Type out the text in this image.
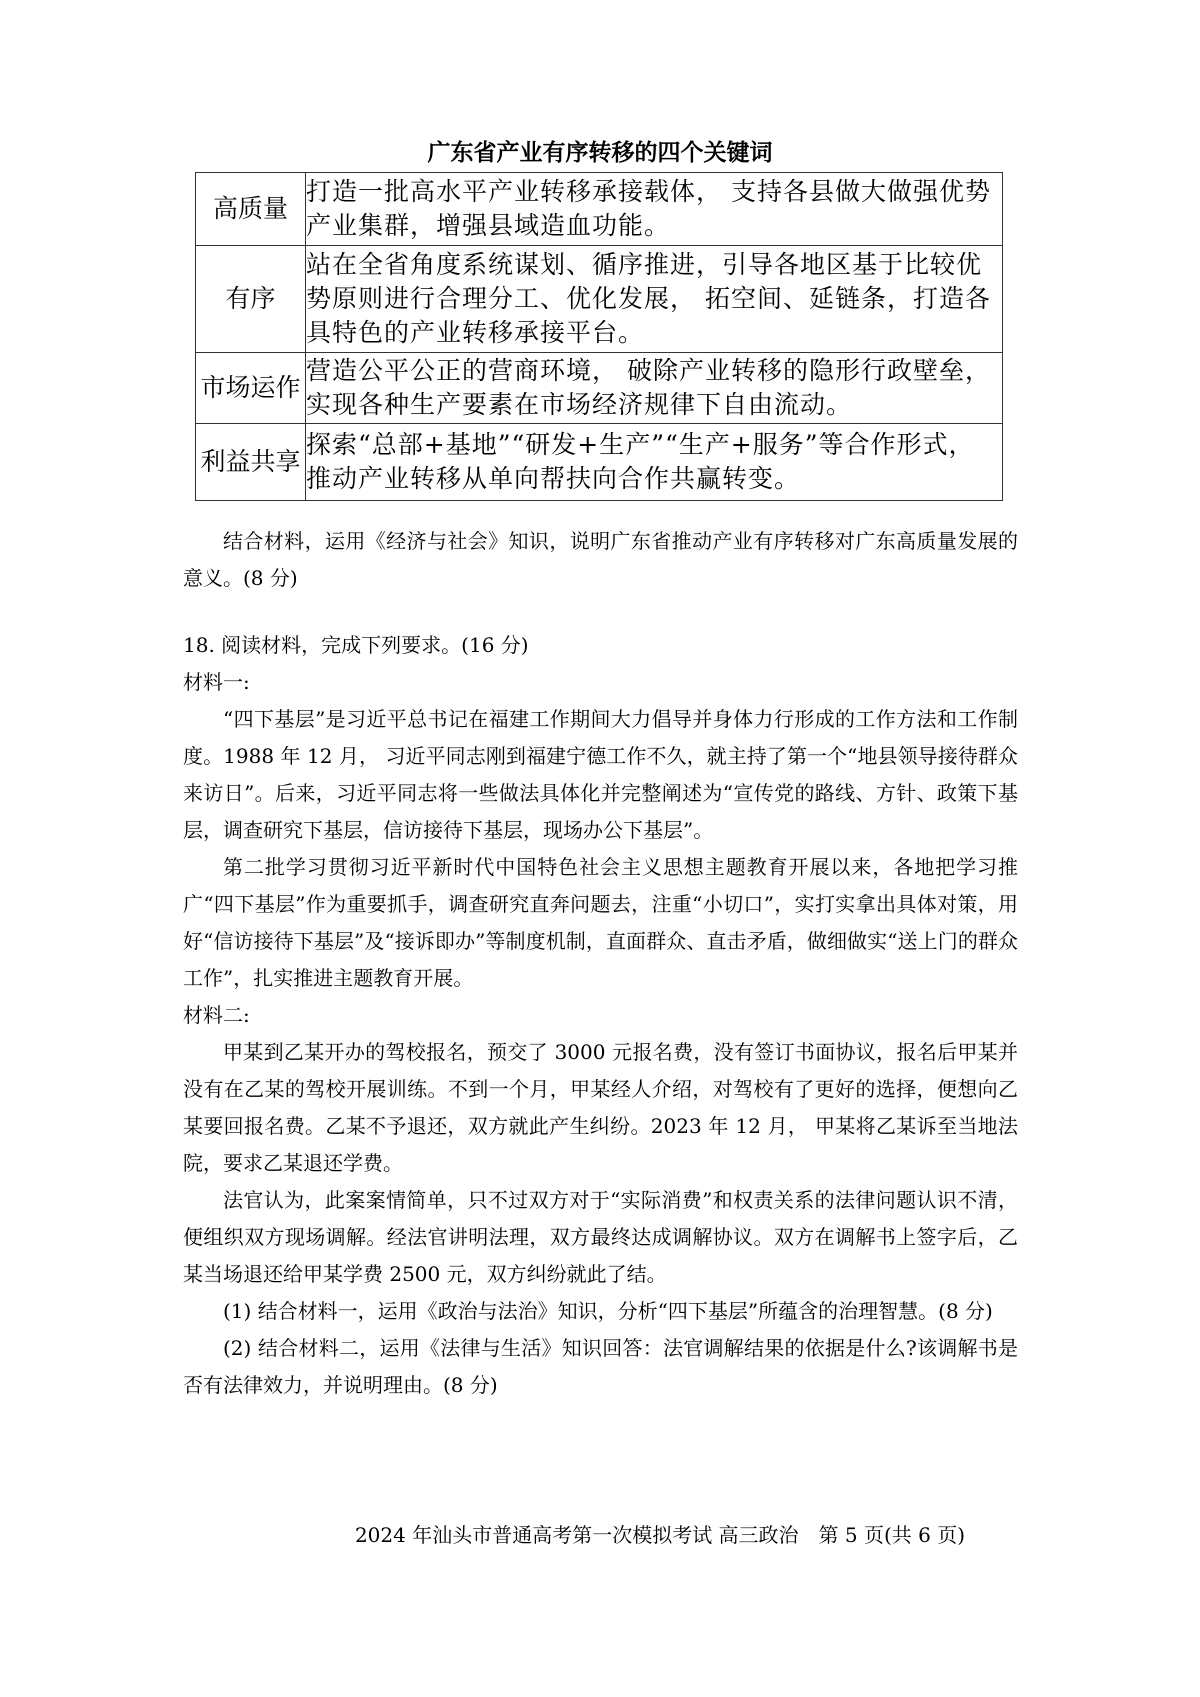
广东省产业有序转移的四个关键词
高质量	打造一批高水平产业转移承接载体， 支持各县做大做强优势产业集群，增强县域造血功能。
有序	站在全省角度系统谋划、循序推进，引导各地区基于比较优势原则进行合理分工、优化发展， 拓空间、延链条，打造各具特色的产业转移承接平台。
市场运作	营造公平公正的营商环境， 破除产业转移的隐形行政壁垒， 实现各种生产要素在市场经济规律下自由流动。
利益共享	探索“总部+基地”“研发+生产”“生产+服务”等合作形式， 推动产业转移从单向帮扶向合作共赢转变。

结合材料，运用《经济与社会》知识，说明广东省推动产业有序转移对广东高质量发展的意义。(8 分)

18. 阅读材料，完成下列要求。(16 分)

材料一:

“四下基层”是习近平总书记在福建工作期间大力倡导并身体力行形成的工作方法和工作制度。1988 年 12 月， 习近平同志刚到福建宁德工作不久，就主持了第一个“地县领导接待群众来访日”。后来，习近平同志将一些做法具体化并完整阐述为“宣传党的路线、方针、政策下基层，调查研究下基层，信访接待下基层，现场办公下基层”。

第二批学习贯彻习近平新时代中国特色社会主义思想主题教育开展以来，各地把学习推广“四下基层”作为重要抓手，调查研究直奔问题去，注重“小切口”，实打实拿出具体对策，用好“信访接待下基层”及“接诉即办”等制度机制，直面群众、直击矛盾，做细做实“送上门的群众工作”，扎实推进主题教育开展。

材料二:

甲某到乙某开办的驾校报名，预交了 3000 元报名费，没有签订书面协议，报名后甲某并没有在乙某的驾校开展训练。不到一个月，甲某经人介绍，对驾校有了更好的选择，便想向乙某要回报名费。乙某不予退还，双方就此产生纠纷。2023 年 12 月， 甲某将乙某诉至当地法院，要求乙某退还学费。

法官认为，此案案情简单，只不过双方对于“实际消费”和权责关系的法律问题认识不清，便组织双方现场调解。经法官讲明法理，双方最终达成调解协议。双方在调解书上签字后，乙某当场退还给甲某学费 2500 元，双方纠纷就此了结。

(1) 结合材料一，运用《政治与法治》知识，分析“四下基层”所蕴含的治理智慧。(8 分)

(2) 结合材料二，运用《法律与生活》知识回答：法官调解结果的依据是什么?该调解书是否有法律效力，并说明理由。(8 分)

2024 年汕头市普通高考第一次模拟考试 高三政治　第 5 页(共 6 页)
